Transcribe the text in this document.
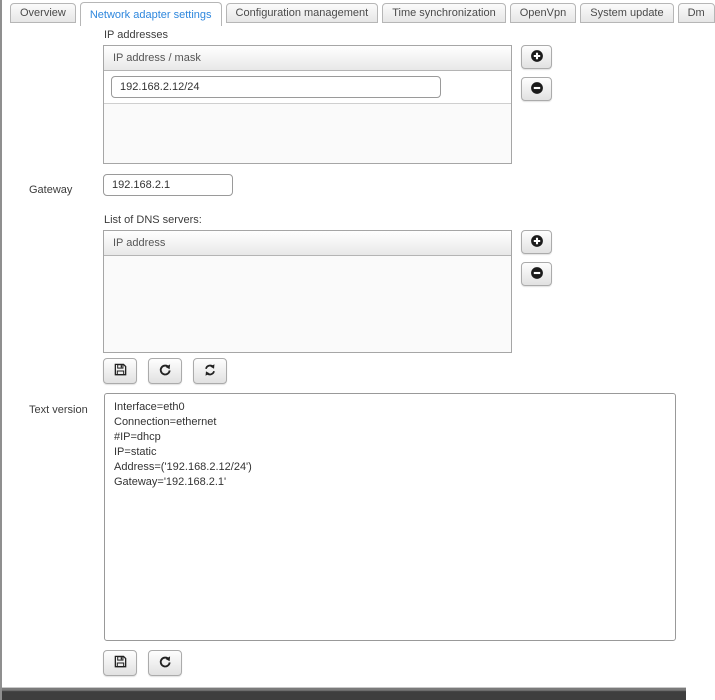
Overview	Network adapter settings	Configuration management	Time synchronization	OpenVpn	System update	Dm
IP addresses
IP address / mask
192.168.2.12/24
Gateway
192.168.2.1
List of DNS servers:
IP address
Text version
Interface=eth0 Connection=ethernet #IP=dhcp IP=static Address=('192.168.2.12/24') Gateway='192.168.2.1'
